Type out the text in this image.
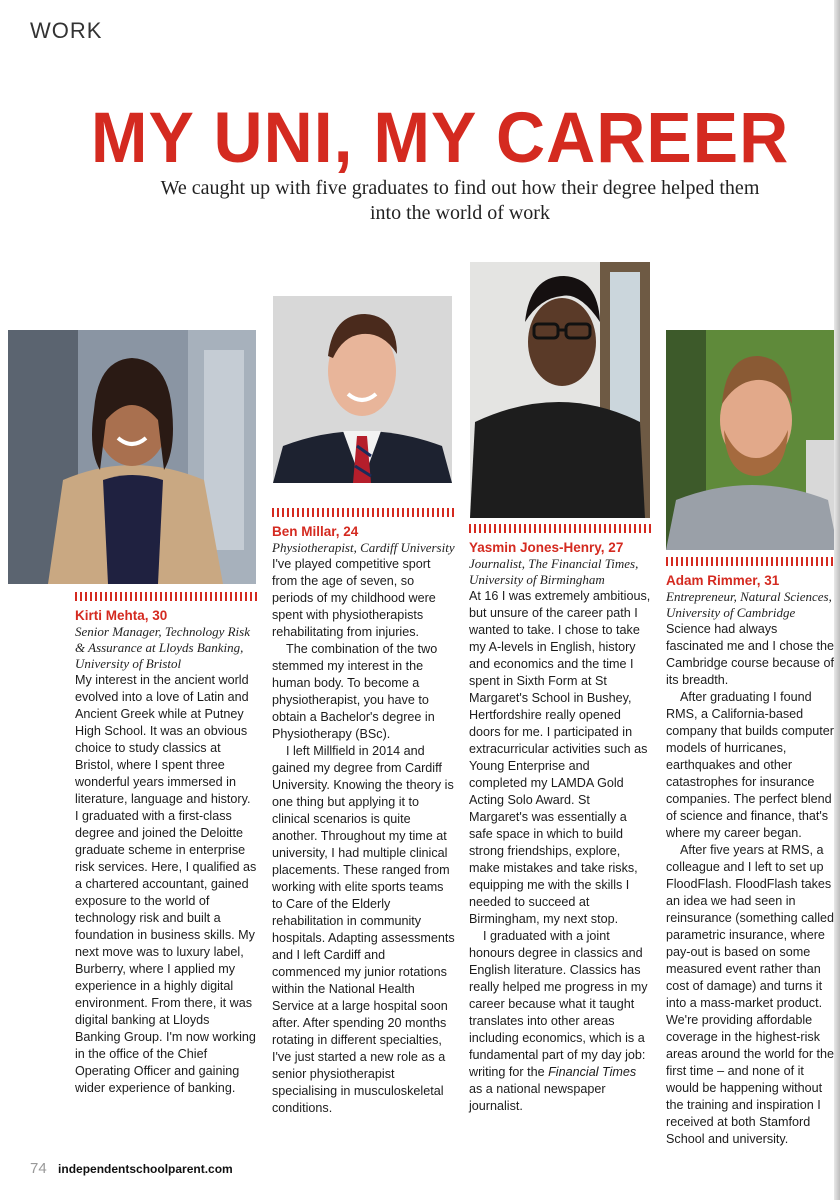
WORK
MY UNI, MY CAREER
We caught up with five graduates to find out how their degree helped them into the world of work
Kirti Mehta, 30
Senior Manager, Technology Risk & Assurance at Lloyds Banking, University of Bristol

My interest in the ancient world evolved into a love of Latin and Ancient Greek while at Putney High School. It was an obvious choice to study classics at Bristol, where I spent three wonderful years immersed in literature, language and history. I graduated with a first-class degree and joined the Deloitte graduate scheme in enterprise risk services. Here, I qualified as a chartered accountant, gained exposure to the world of technology risk and built a foundation in business skills. My next move was to luxury label, Burberry, where I applied my experience in a highly digital environment. From there, it was digital banking at Lloyds Banking Group. I'm now working in the office of the Chief Operating Officer and gaining wider experience of banking.

Ben Millar, 24
Physiotherapist, Cardiff University

I've played competitive sport from the age of seven, so periods of my childhood were spent with physiotherapists rehabilitating from injuries.

The combination of the two stemmed my interest in the human body. To become a physiotherapist, you have to obtain a Bachelor's degree in Physiotherapy (BSc).

I left Millfield in 2014 and gained my degree from Cardiff University. Knowing the theory is one thing but applying it to clinical scenarios is quite another. Throughout my time at university, I had multiple clinical placements. These ranged from working with elite sports teams to Care of the Elderly rehabilitation in community hospitals. Adapting assessments and I left Cardiff and commenced my junior rotations within the National Health Service at a large hospital soon after. After spending 20 months rotating in different specialties, I've just started a new role as a senior physiotherapist specialising in musculoskeletal conditions.

Yasmin Jones-Henry, 27
Journalist, The Financial Times, University of Birmingham

At 16 I was extremely ambitious, but unsure of the career path I wanted to take. I chose to take my A-levels in English, history and economics and the time I spent in Sixth Form at St Margaret's School in Bushey, Hertfordshire really opened doors for me. I participated in extracurricular activities such as Young Enterprise and completed my LAMDA Gold Acting Solo Award. St Margaret's was essentially a safe space in which to build strong friendships, explore, make mistakes and take risks, equipping me with the skills I needed to succeed at Birmingham, my next stop.

I graduated with a joint honours degree in classics and English literature. Classics has really helped me progress in my career because what it taught translates into other areas including economics, which is a fundamental part of my day job: writing for the Financial Times as a national newspaper journalist.

Adam Rimmer, 31
Entrepreneur, Natural Sciences, University of Cambridge

Science had always fascinated me and I chose the Cambridge course because of its breadth.

After graduating I found RMS, a California-based company that builds computer models of hurricanes, earthquakes and other catastrophes for insurance companies. The perfect blend of science and finance, that's where my career began.

After five years at RMS, a colleague and I left to set up FloodFlash. FloodFlash takes an idea we had seen in reinsurance (something called parametric insurance, where pay-out is based on some measured event rather than cost of damage) and turns it into a mass-market product. We're providing affordable coverage in the highest-risk areas around the world for the first time – and none of it would be happening without the training and inspiration I received at both Stamford School and university.

74 independentschoolparent.com
